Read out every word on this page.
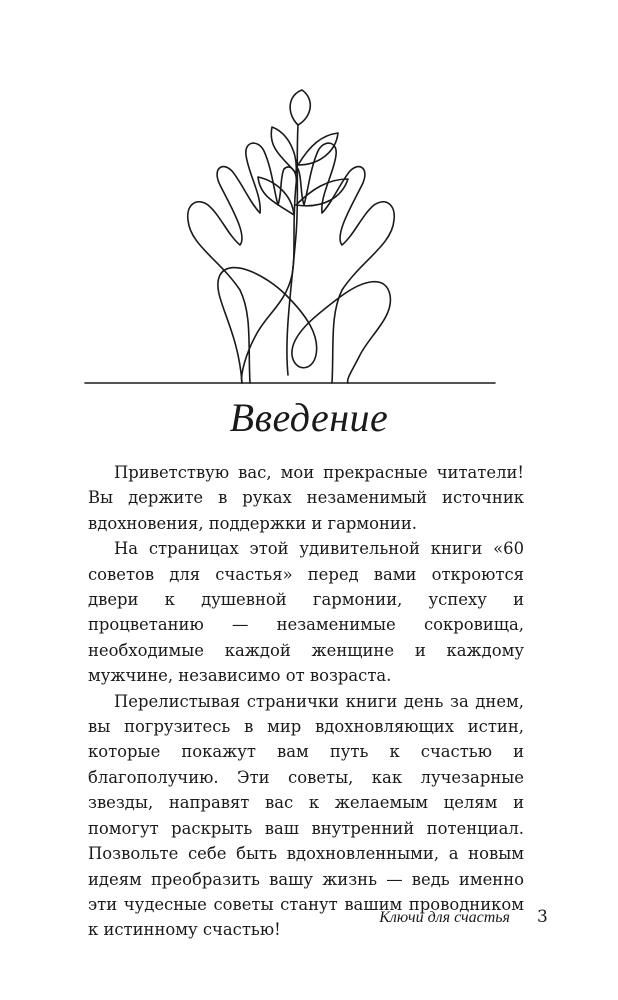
Введение

Приветствую вас, мои прекрасные читатели! Вы держите в руках незаменимый источник вдохновения, поддержки и гармонии.

На страницах этой удивительной книги «60 советов для счастья» перед вами откроются двери к душевной гармонии, успеху и процветанию — незаменимые сокровища, необходимые каждой женщине и каждому мужчине, независимо от возраста.

Перелистывая странички книги день за днем, вы погрузитесь в мир вдохновляющих истин, которые покажут вам путь к счастью и благополучию. Эти советы, как лучезарные звезды, направят вас к желаемым целям и помогут раскрыть ваш внутренний потенциал. Позвольте себе быть вдохновленными, а новым идеям преобразить вашу жизнь — ведь именно эти чудесные советы станут вашим проводником к истинному счастью!

Ключи для счастья 3
